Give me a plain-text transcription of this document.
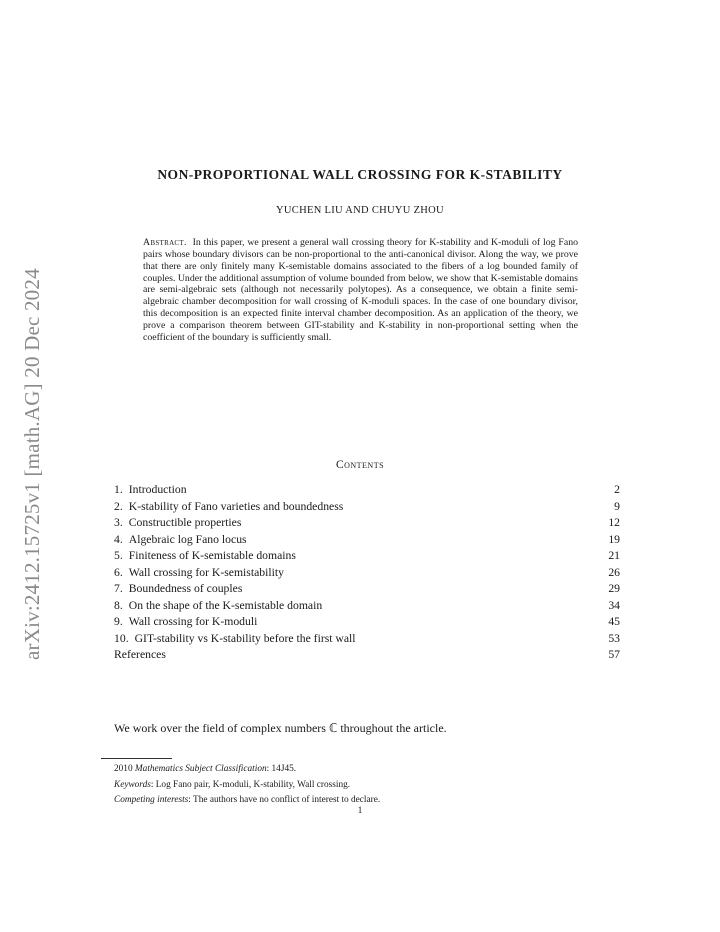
arXiv:2412.15725v1 [math.AG] 20 Dec 2024
NON-PROPORTIONAL WALL CROSSING FOR K-STABILITY
YUCHEN LIU AND CHUYU ZHOU
Abstract. In this paper, we present a general wall crossing theory for K-stability and K-moduli of log Fano pairs whose boundary divisors can be non-proportional to the anti-canonical divisor. Along the way, we prove that there are only finitely many K-semistable domains associated to the fibers of a log bounded family of couples. Under the additional assumption of volume bounded from below, we show that K-semistable domains are semi-algebraic sets (although not necessarily polytopes). As a consequence, we obtain a finite semi-algebraic chamber decomposition for wall crossing of K-moduli spaces. In the case of one boundary divisor, this decomposition is an expected finite interval chamber decomposition. As an application of the theory, we prove a comparison theorem between GIT-stability and K-stability in non-proportional setting when the coefficient of the boundary is sufficiently small.
Contents
1. Introduction	2
2. K-stability of Fano varieties and boundedness	9
3. Constructible properties	12
4. Algebraic log Fano locus	19
5. Finiteness of K-semistable domains	21
6. Wall crossing for K-semistability	26
7. Boundedness of couples	29
8. On the shape of the K-semistable domain	34
9. Wall crossing for K-moduli	45
10. GIT-stability vs K-stability before the first wall	53
References	57
We work over the field of complex numbers ℂ throughout the article.
2010 Mathematics Subject Classification: 14J45.
Keywords: Log Fano pair, K-moduli, K-stability, Wall crossing.
Competing interests: The authors have no conflict of interest to declare.
1
